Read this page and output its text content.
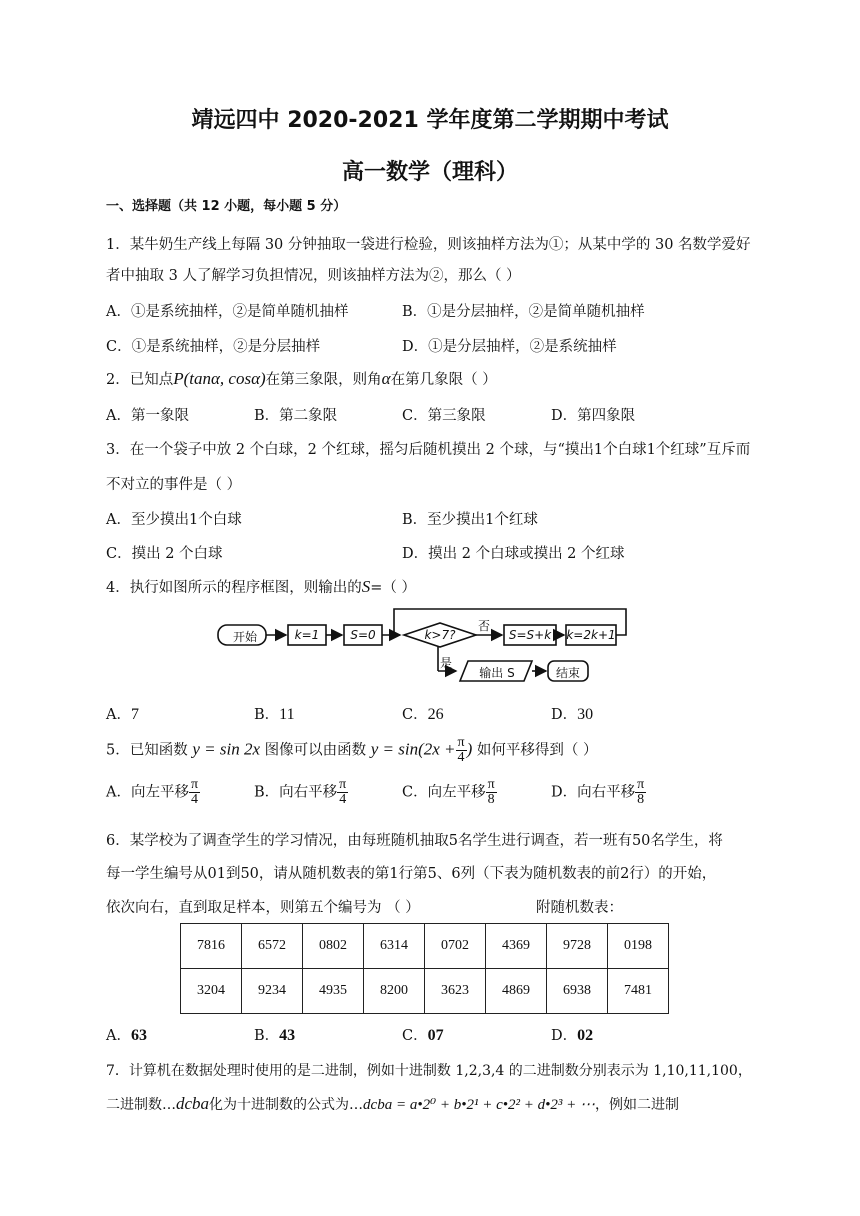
靖远四中 2020-2021 学年度第二学期期中考试
高一数学（理科）
一、选择题（共 12 小题，每小题 5 分）
1．某牛奶生产线上每隔 30 分钟抽取一袋进行检验，则该抽样方法为①；从某中学的 30 名数学爱好
者中抽取 3 人了解学习负担情况，则该抽样方法为②，那么（ ）
A．①是系统抽样，②是简单随机抽样	B．①是分层抽样，②是简单随机抽样
C．①是系统抽样，②是分层抽样	D．①是分层抽样，②是系统抽样
2．已知点P(tanα, cosα)在第三象限，则角α在第几象限（ ）
A．第一象限	B．第二象限	C．第三象限	D．第四象限
3．在一个袋子中放 2 个白球，2 个红球，摇匀后随机摸出 2 个球，与“摸出1个白球1个红球”互斥而
不对立的事件是（ ）
A．至少摸出1个白球	B．至少摸出1个红球
C．摸出 2 个白球	D．摸出 2 个白球或摸出 2 个红球
4．执行如图所示的程序框图，则输出的S=（ ）
开始	k=1	S=0	k>7?
否
S=S+k	k=2k+1
是
输出 S	结束
A．7	B．11	C．26	D．30
5．已知函数 y = sin 2x 图像可以由函数 $y = \sin(2x + \frac{\pi}{4}$ ) 如何平移得到（ ）
A．向左平移 $\frac{\pi}{4}$	B．向右平移 $\frac{\pi}{4}$	C．向左平移 $\frac{\pi}{8}$	D．向右平移 $\frac{\pi}{8}$
6．某学校为了调查学生的学习情况，由每班随机抽取5名学生进行调查，若一班有50名学生，将
每一学生编号从01到50，请从随机数表的第1行第5、6列（下表为随机数表的前2行）的开始，
依次向右，直到取足样本，则第五个编号为 （ ）	附随机数表：
7816	6572	0802	6314	0702	4369	9728	0198
3204	9234	4935	8200	3623	4869	6938	7481
A．63	B．43	C．07	D．02
7．计算机在数据处理时使用的是二进制，例如十进制数 1,2,3,4 的二进制数分别表示为 1,10,11,100，
二进制数…dcba化为十进制数的公式为…dcba = a•2⁰ + b•2¹ + c•2² + d•2³ + ⋯，例如二进制
